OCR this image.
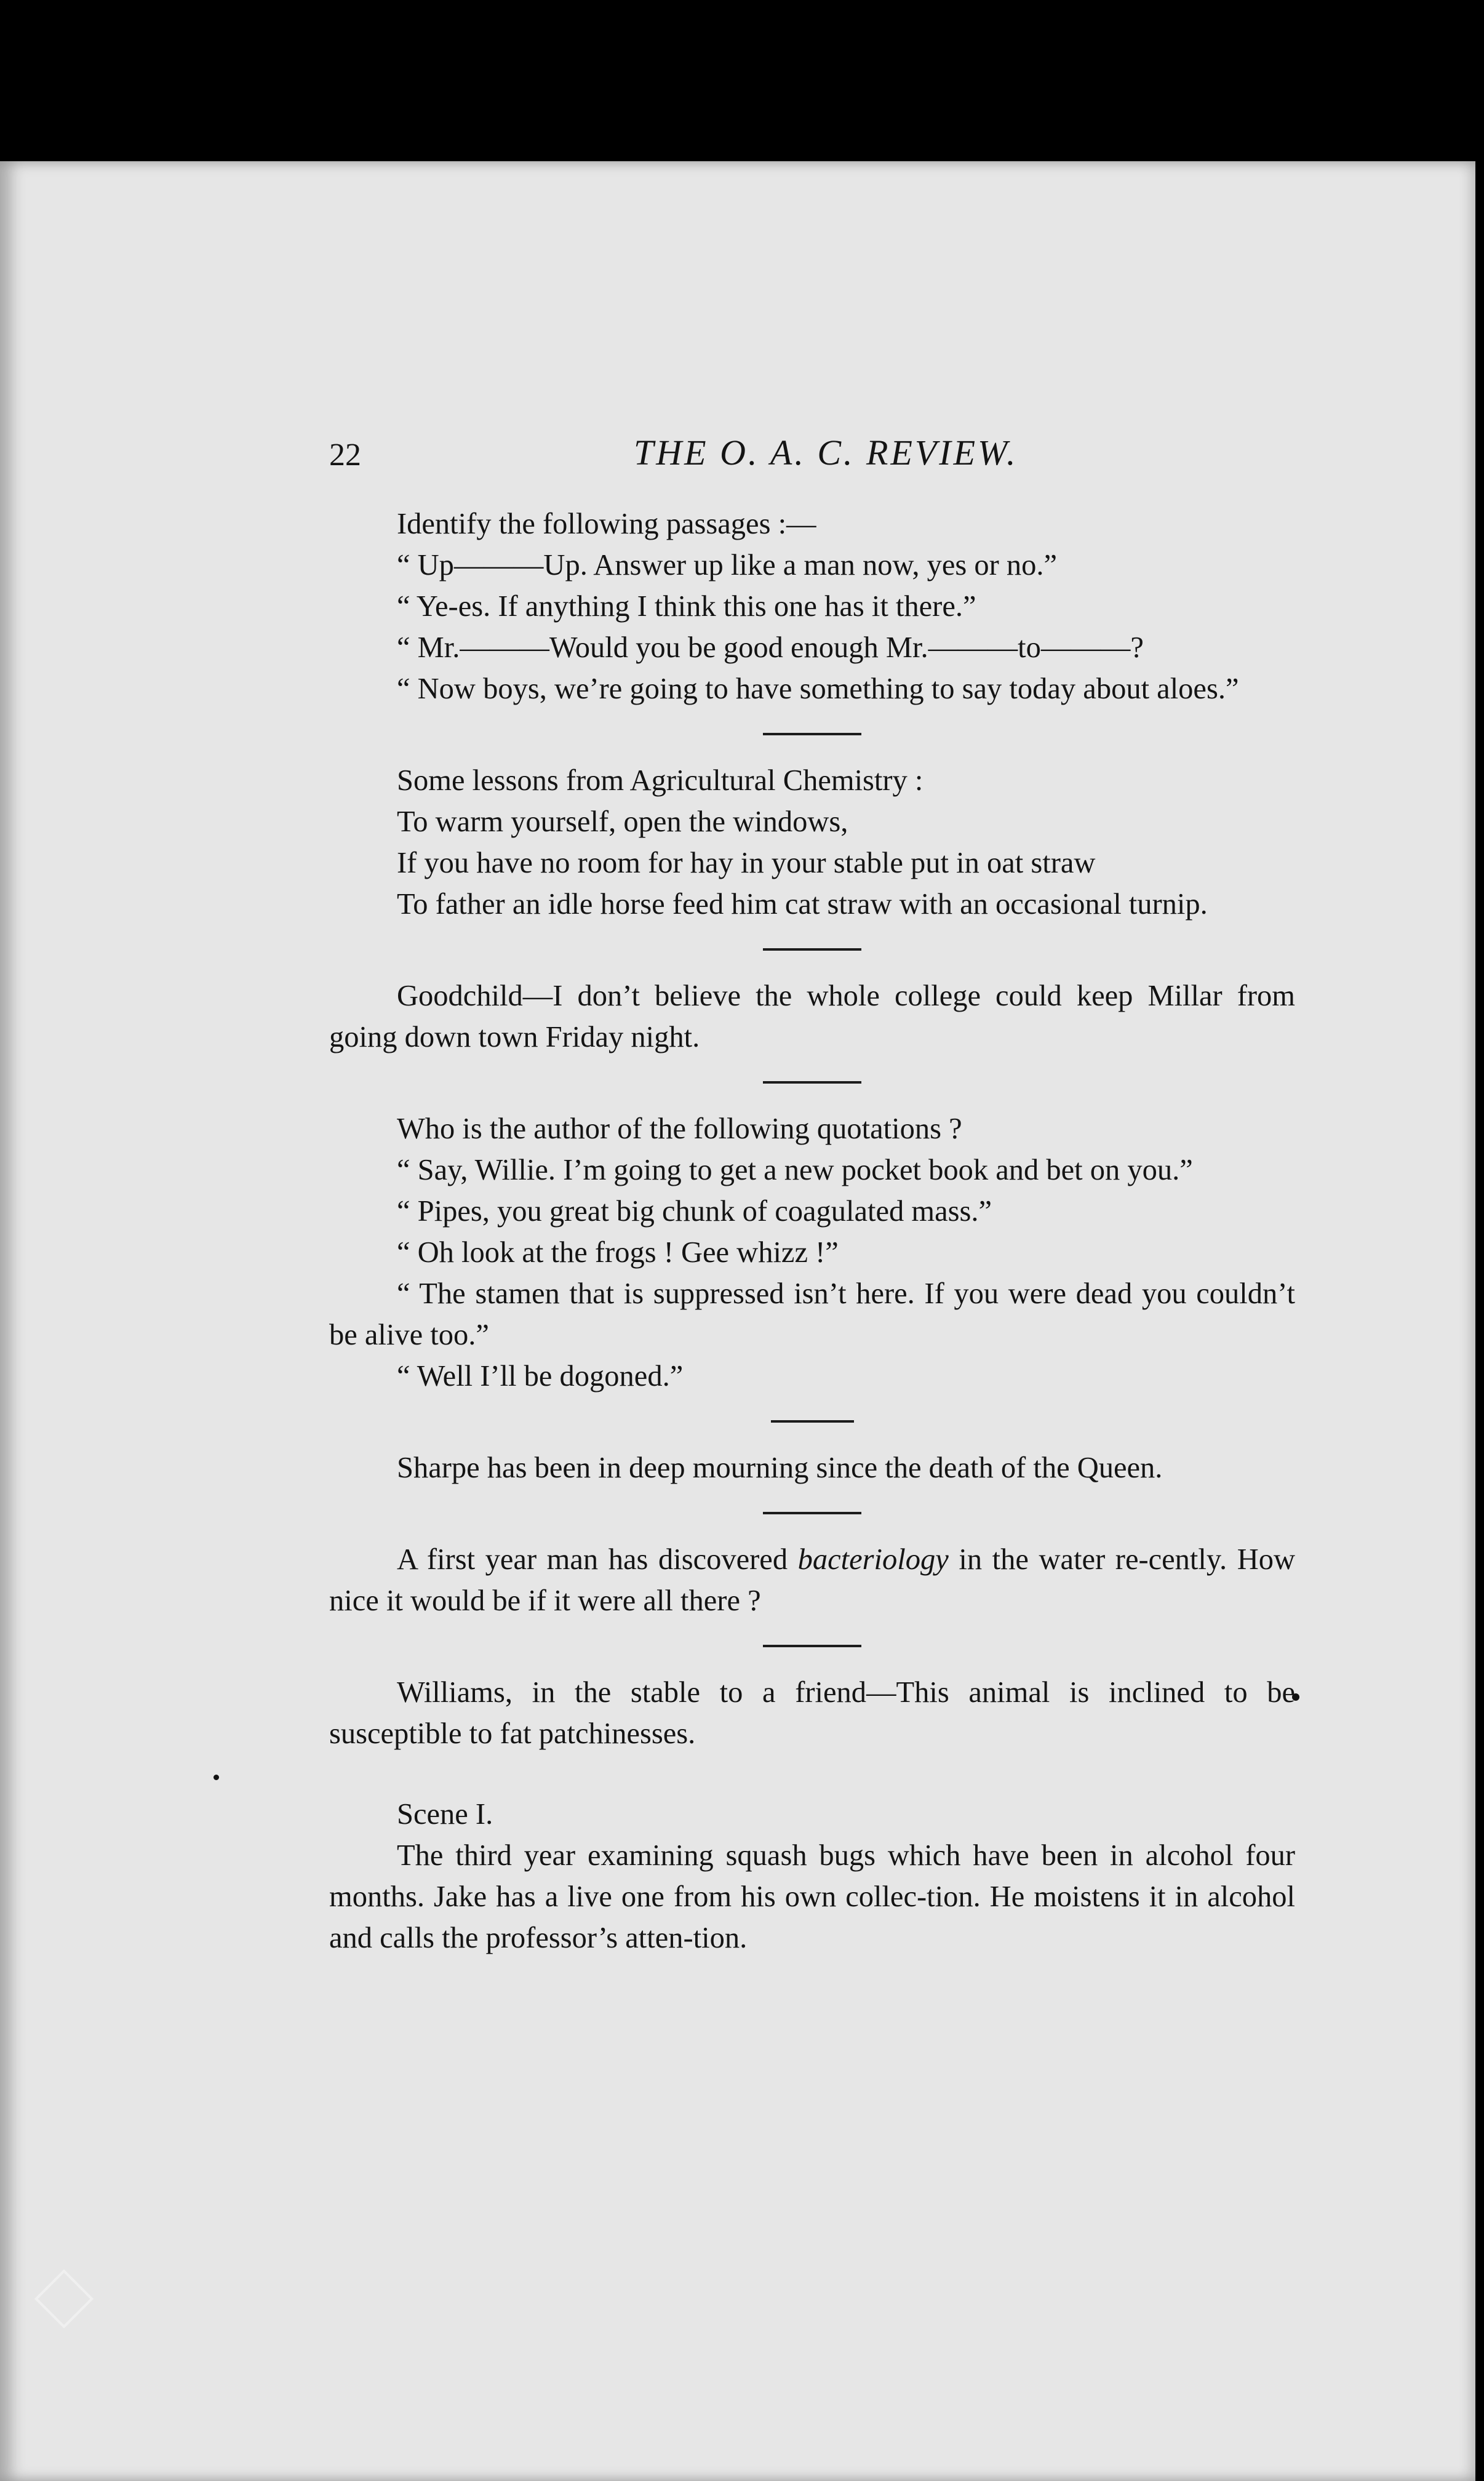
22	THE O. A. C. REVIEW.

Identify the following passages :—

“ Up———Up. Answer up like a man now, yes or no.”

“ Ye-es. If anything I think this one has it there.”

“ Mr.———Would you be good enough Mr.———to———?

“ Now boys, we’re going to have something to say today about aloes.”

Some lessons from Agricultural Chemistry :

To warm yourself, open the windows,

If you have no room for hay in your stable put in oat straw

To father an idle horse feed him cat straw with an occasional turnip.

Goodchild—I don’t believe the whole college could keep Millar from going down town Friday night.

Who is the author of the following quotations ?

“ Say, Willie. I’m going to get a new pocket book and bet on you.”

“ Pipes, you great big chunk of coagulated mass.”

“ Oh look at the frogs ! Gee whizz !”

“ The stamen that is suppressed isn’t here. If you were dead you couldn’t be alive too.”

“ Well I’ll be dogoned.”

Sharpe has been in deep mourning since the death of the Queen.

A first year man has discovered bacteriology in the water re-cently. How nice it would be if it were all there ?

Williams, in the stable to a friend—This animal is inclined to be susceptible to fat patchinesses.

Scene I.

The third year examining squash bugs which have been in alcohol four months. Jake has a live one from his own collec-tion. He moistens it in alcohol and calls the professor’s atten-tion.
